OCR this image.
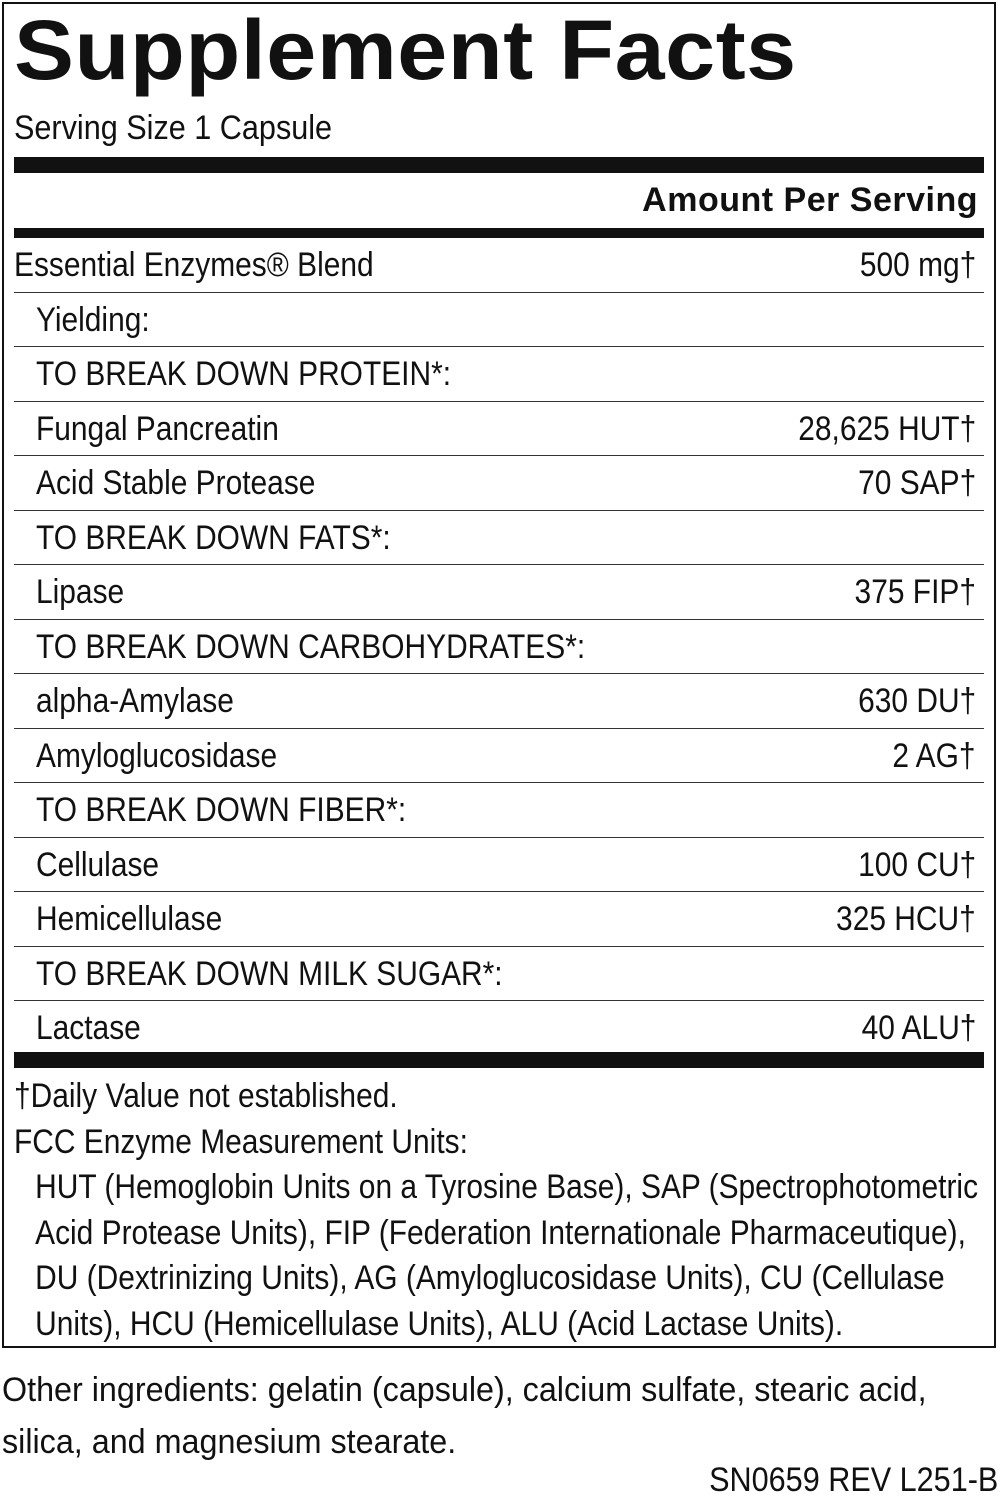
Supplement Facts
Serving Size 1 Capsule
Amount Per Serving
Essential Enzymes® Blend	500 mg†
Yielding:
TO BREAK DOWN PROTEIN*:
Fungal Pancreatin	28,625 HUT†
Acid Stable Protease	70 SAP†
TO BREAK DOWN FATS*:
Lipase	375 FIP†
TO BREAK DOWN CARBOHYDRATES*:
alpha-Amylase	630 DU†
Amyloglucosidase	2 AG†
TO BREAK DOWN FIBER*:
Cellulase	100 CU†
Hemicellulase	325 HCU†
TO BREAK DOWN MILK SUGAR*:
Lactase	40 ALU†
†Daily Value not established.
FCC Enzyme Measurement Units:
HUT (Hemoglobin Units on a Tyrosine Base), SAP (Spectrophotometric Acid Protease Units), FIP (Federation Internationale Pharmaceutique), DU (Dextrinizing Units), AG (Amyloglucosidase Units), CU (Cellulase Units), HCU (Hemicellulase Units), ALU (Acid Lactase Units).
Other ingredients: gelatin (capsule), calcium sulfate, stearic acid, silica, and magnesium stearate.
SN0659 REV L251-B
